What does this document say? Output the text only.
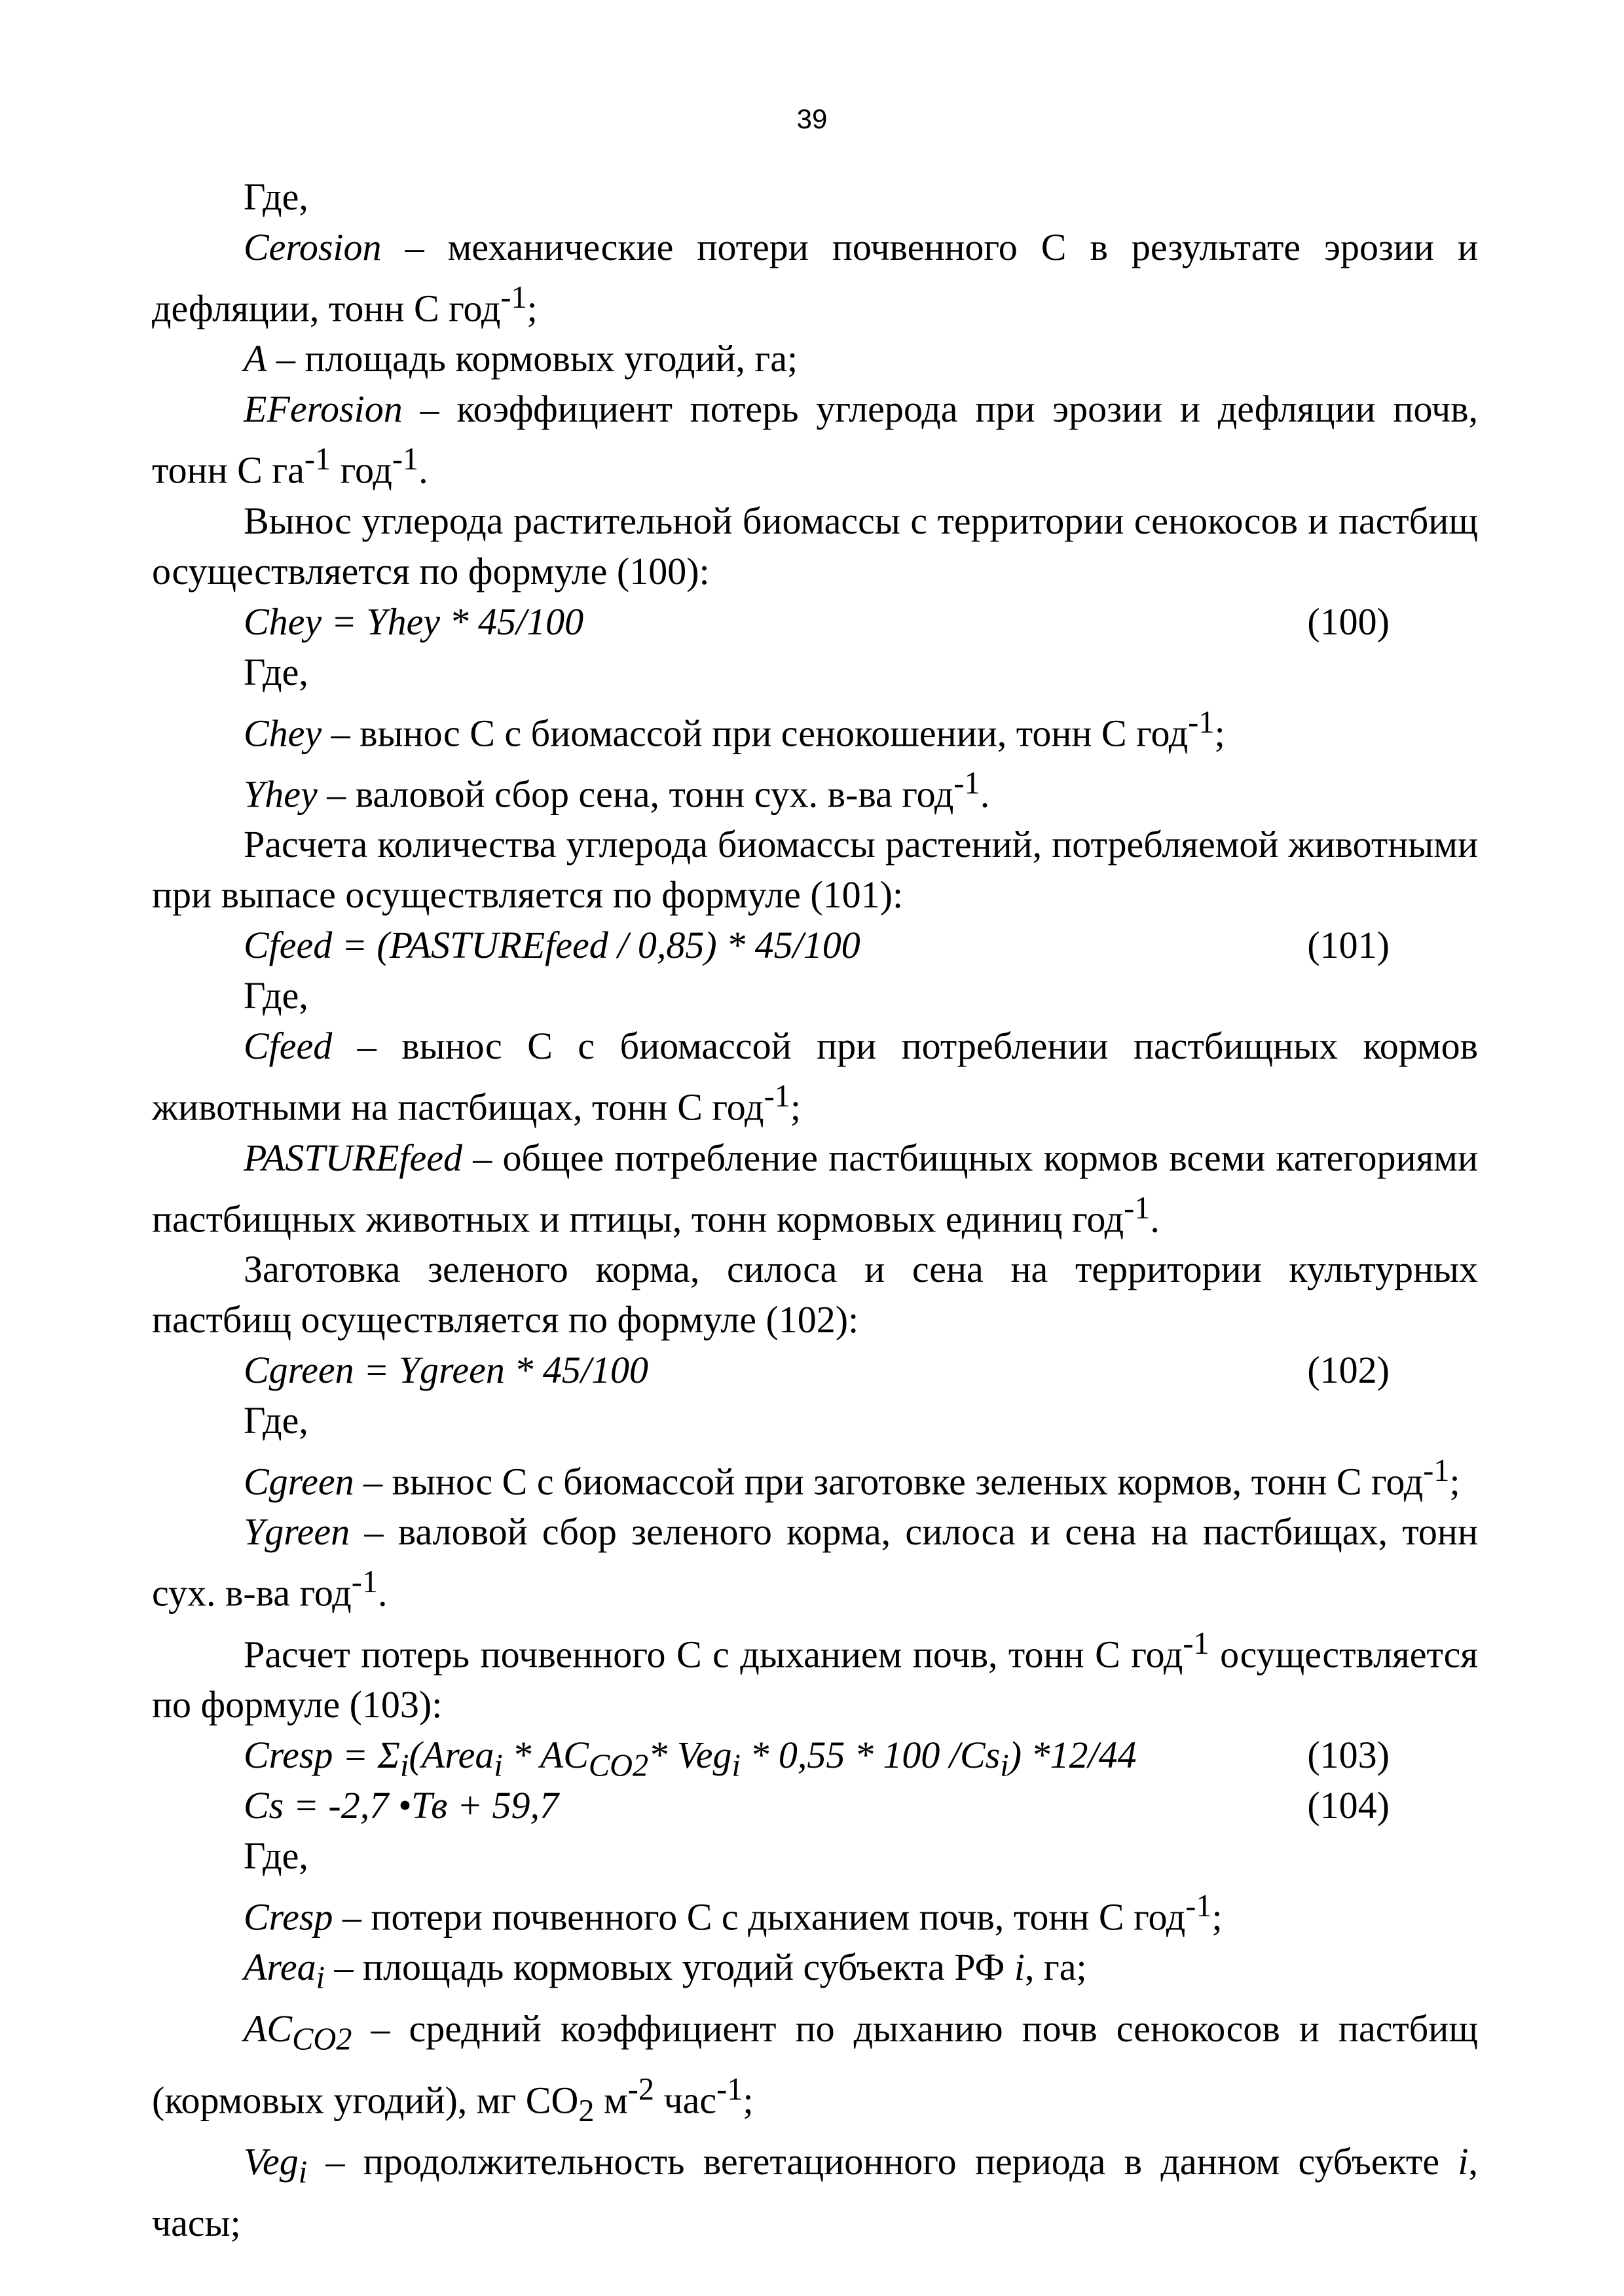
39

Где,

Cerosion – механические потери почвенного С в результате эрозии и дефляции, тонн С год$^{-1}$;

A – площадь кормовых угодий, га;

EFerosion – коэффициент потерь углерода при эрозии и дефляции почв, тонн С $га^{-1}$ год$^{-1}$.

Вынос углерода растительной биомассы с территории сенокосов и пастбищ осуществляется по формуле (100):

Chey = Yhey * 45/100	(100)

Где,

Chey – вынос С с биомассой при сенокошении, тонн С год$^{-1}$;

Yhey – валовой сбор сена, тонн сух. в-ва год$^{-1}$.

Расчета количества углерода биомассы растений, потребляемой животными при выпасе осуществляется по формуле (101):

Cfeed = (PASTUREfeed / 0,85) * 45/100	(101)

Где,

Cfeed – вынос С с биомассой при потреблении пастбищных кормов животными на пастбищах, тонн С год$^{-1}$;

PASTUREfeed – общее потребление пастбищных кормов всеми категориями пастбищных животных и птицы, тонн кормовых единиц год$^{-1}$.

Заготовка зеленого корма, силоса и сена на территории культурных пастбищ осуществляется по формуле (102):

Cgreen = Ygreen * 45/100	(102)

Где,

Cgreen – вынос С с биомассой при заготовке зеленых кормов, тонн С год$^{-1}$;

Ygreen – валовой сбор зеленого корма, силоса и сена на пастбищах, тонн сух. в-ва год$^{-1}$.

Расчет потерь почвенного С с дыханием почв, тонн С год$^{-1}$ осуществляется по формуле (103):

Cresp = $\Sigma_i(Area_i * AC_{CO2}*$ Veg$_i$ * 0,55 * 100 $/Cs_i$) *12/44	(103)
Cs = -2,7 •Тв + 59,7	(104)

Где,

Cresp – потери почвенного С с дыханием почв, тонн С год$^{-1}$;

Area$_i$ – площадь кормовых угодий субъекта РФ i, га;

$AC_{CO2}$ – средний коэффициент по дыханию почв сенокосов и пастбищ (кормовых угодий), мг $СО_2$ $м^{-2}$ час$^{-1}$;

Veg$_i$ – продолжительность вегетационного периода в данном субъекте i, часы;
